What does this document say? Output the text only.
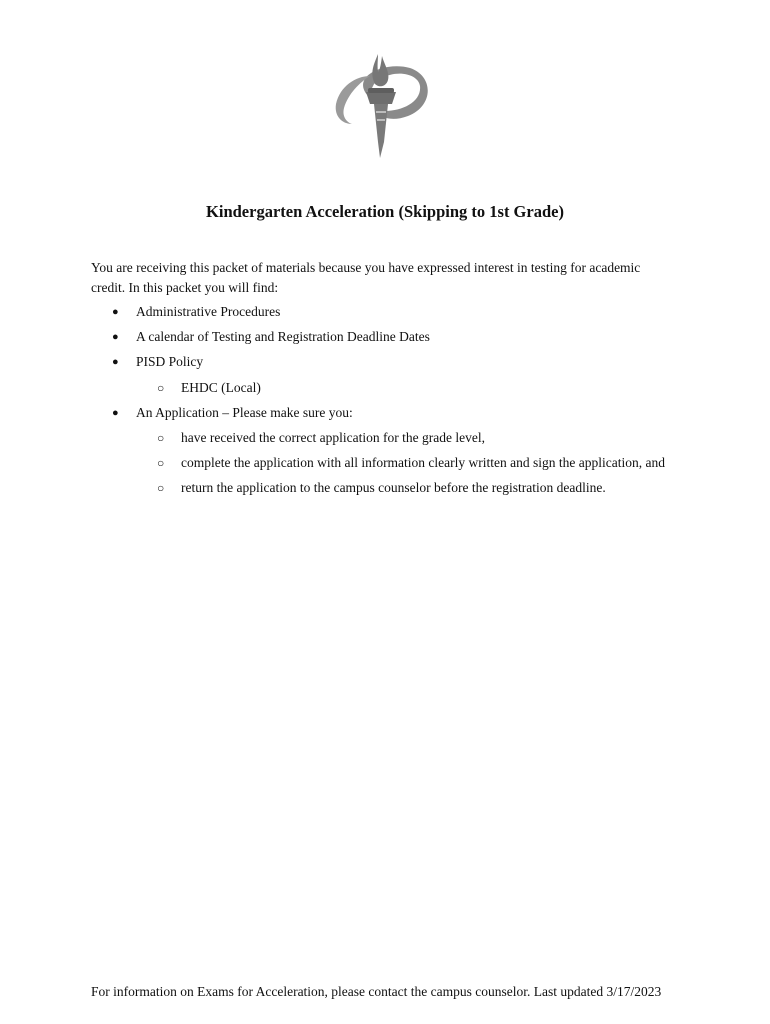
Kindergarten Acceleration (Skipping to 1st Grade)
You are receiving this packet of materials because you have expressed interest in testing for academic
credit. In this packet you will find:
● Administrative Procedures
● A calendar of Testing and Registration Deadline Dates
● PISD Policy
○ EHDC (Local)
● An Application – Please make sure you:
○ have received the correct application for the grade level,
○ complete the application with all information clearly written and sign the application, and
○ return the application to the campus counselor before the registration deadline.
For information on Exams for Acceleration, please contact the campus counselor. Last updated 3/17/2023
